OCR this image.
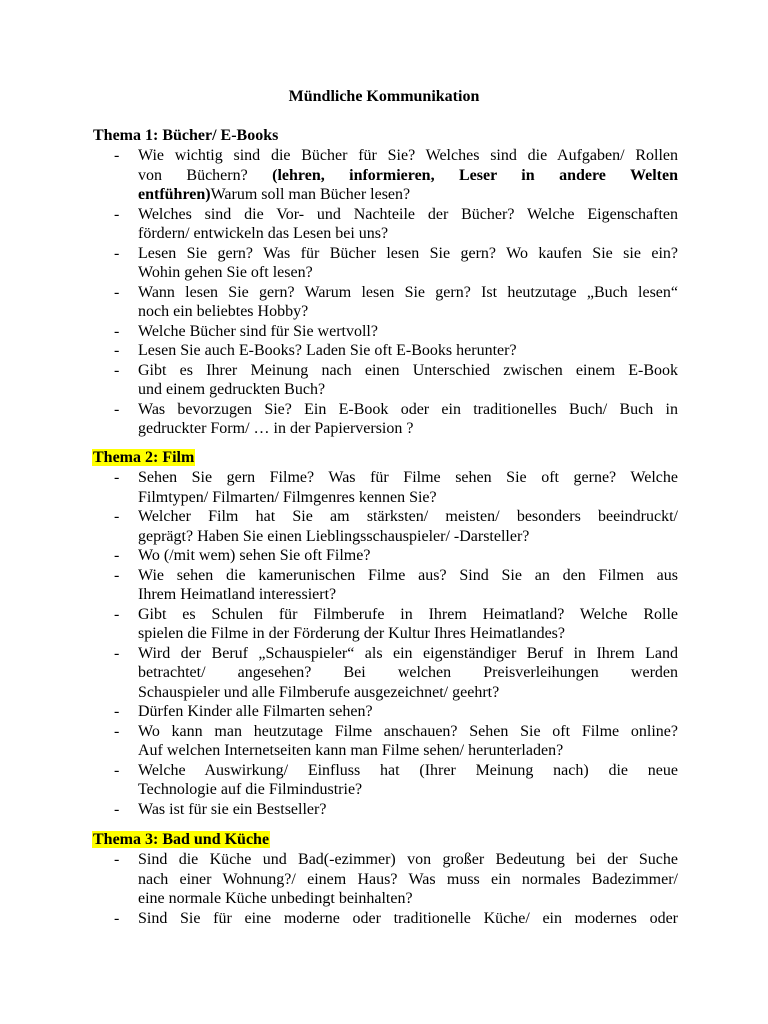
Mündliche Kommunikation
Thema 1: Bücher/ E-Books
- Wie wichtig sind die Bücher für Sie? Welches sind die Aufgaben/ Rollen
von Büchern? (lehren, informieren, Leser in andere Welten
entführen)Warum soll man Bücher lesen?
- Welches sind die Vor- und Nachteile der Bücher? Welche Eigenschaften
fördern/ entwickeln das Lesen bei uns?
- Lesen Sie gern? Was für Bücher lesen Sie gern? Wo kaufen Sie sie ein?
Wohin gehen Sie oft lesen?
- Wann lesen Sie gern? Warum lesen Sie gern? Ist heutzutage „Buch lesen“
noch ein beliebtes Hobby?
- Welche Bücher sind für Sie wertvoll?
- Lesen Sie auch E-Books? Laden Sie oft E-Books herunter?
- Gibt es Ihrer Meinung nach einen Unterschied zwischen einem E-Book
und einem gedruckten Buch?
- Was bevorzugen Sie? Ein E-Book oder ein traditionelles Buch/ Buch in
gedruckter Form/ … in der Papierversion ?
Thema 2: Film
- Sehen Sie gern Filme? Was für Filme sehen Sie oft gerne? Welche
Filmtypen/ Filmarten/ Filmgenres kennen Sie?
- Welcher Film hat Sie am stärksten/ meisten/ besonders beeindruckt/
geprägt? Haben Sie einen Lieblingsschauspieler/ -Darsteller?
- Wo (/mit wem) sehen Sie oft Filme?
- Wie sehen die kamerunischen Filme aus? Sind Sie an den Filmen aus
Ihrem Heimatland interessiert?
- Gibt es Schulen für Filmberufe in Ihrem Heimatland? Welche Rolle
spielen die Filme in der Förderung der Kultur Ihres Heimatlandes?
- Wird der Beruf „Schauspieler“ als ein eigenständiger Beruf in Ihrem Land
betrachtet/ angesehen? Bei welchen Preisverleihungen werden
Schauspieler und alle Filmberufe ausgezeichnet/ geehrt?
- Dürfen Kinder alle Filmarten sehen?
- Wo kann man heutzutage Filme anschauen? Sehen Sie oft Filme online?
Auf welchen Internetseiten kann man Filme sehen/ herunterladen?
- Welche Auswirkung/ Einfluss hat (Ihrer Meinung nach) die neue
Technologie auf die Filmindustrie?
- Was ist für sie ein Bestseller?
Thema 3: Bad und Küche
- Sind die Küche und Bad(-ezimmer) von großer Bedeutung bei der Suche
nach einer Wohnung?/ einem Haus? Was muss ein normales Badezimmer/
eine normale Küche unbedingt beinhalten?
- Sind Sie für eine moderne oder traditionelle Küche/ ein modernes oder
